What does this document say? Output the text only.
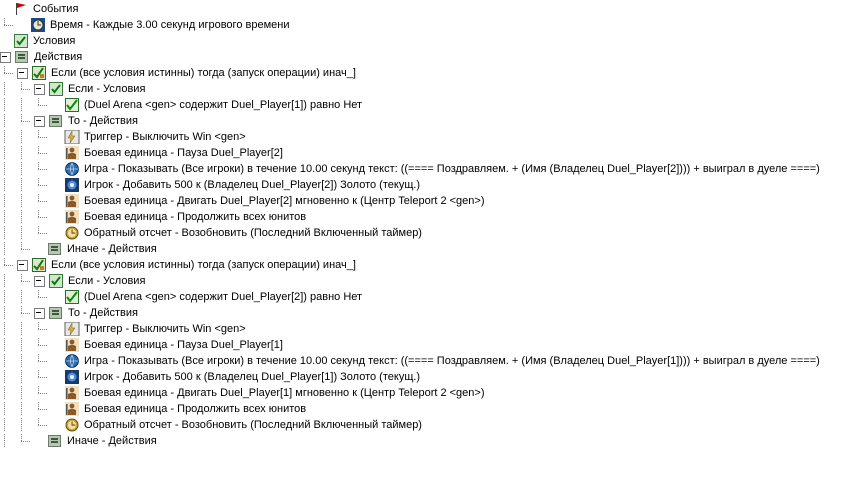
События
Время - Каждые 3.00 секунд игрового времени
Условия
Действия
Если (все условия истинны) тогда (запуск операции) инач_]
Если - Условия
(Duel Arena <gen> содержит Duel_Player[1]) равно Нет
То - Действия
Триггер - Выключить Win <gen>
Боевая единица - Пауза Duel_Player[2]
Игра - Показывать (Все игроки) в течение 10.00 секунд текст: ((==== Поздравляем. + (Имя (Владелец Duel_Player[2]))) + выиграл в дуеле ====)
Игрок - Добавить 500 к (Владелец Duel_Player[2]) Золото (текущ.)
Боевая единица - Двигать Duel_Player[2] мгновенно к (Центр Teleport 2 <gen>)
Боевая единица - Продолжить всех юнитов
Обратный отсчет - Возобновить (Последний Включенный таймер)
Иначе - Действия
Если (все условия истинны) тогда (запуск операции) инач_]
Если - Условия
(Duel Arena <gen> содержит Duel_Player[2]) равно Нет
То - Действия
Триггер - Выключить Win <gen>
Боевая единица - Пауза Duel_Player[1]
Игра - Показывать (Все игроки) в течение 10.00 секунд текст: ((==== Поздравляем. + (Имя (Владелец Duel_Player[1]))) + выиграл в дуеле ====)
Игрок - Добавить 500 к (Владелец Duel_Player[1]) Золото (текущ.)
Боевая единица - Двигать Duel_Player[1] мгновенно к (Центр Teleport 2 <gen>)
Боевая единица - Продолжить всех юнитов
Обратный отсчет - Возобновить (Последний Включенный таймер)
Иначе - Действия
